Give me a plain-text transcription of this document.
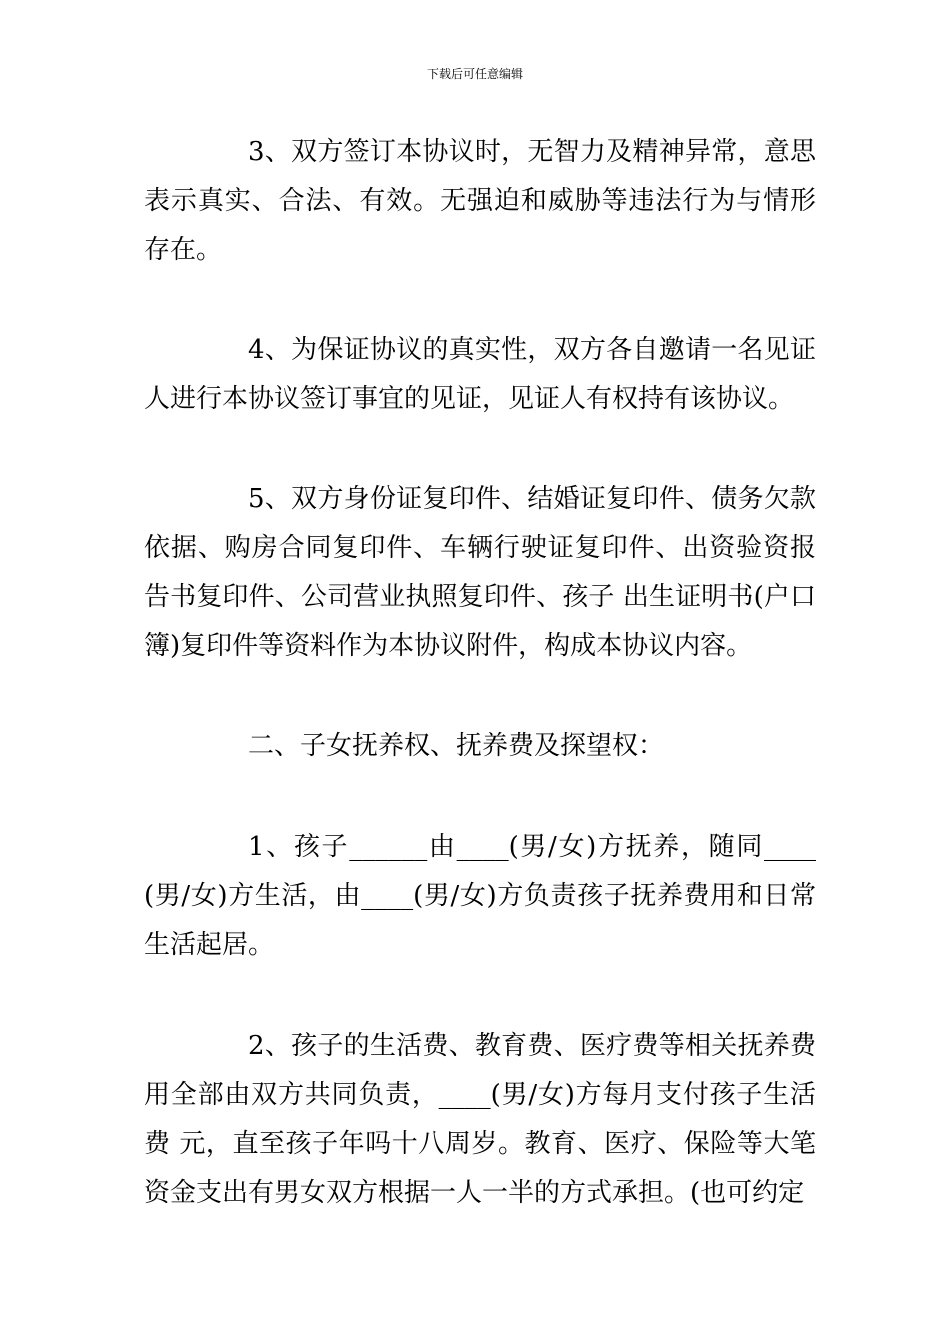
下载后可任意编辑

3、双方签订本协议时，无智力及精神异常，意思表示真实、合法、有效。无强迫和威胁等违法行为与情形存在。

4、为保证协议的真实性，双方各自邀请一名见证人进行本协议签订事宜的见证，见证人有权持有该协议。

5、双方身份证复印件、结婚证复印件、债务欠款依据、购房合同复印件、车辆行驶证复印件、出资验资报告书复印件、公司营业执照复印件、孩子 出生证明书(户口簿)复印件等资料作为本协议附件，构成本协议内容。

二、子女抚养权、抚养费及探望权：

1、孩子______由____(男/女)方抚养，随同____(男/女)方生活，由____(男/女)方负责孩子抚养费用和日常生活起居。

2、孩子的生活费、教育费、医疗费等相关抚养费用全部由双方共同负责，____(男/女)方每月支付孩子生活费 元，直至孩子年吗十八周岁。教育、医疗、保险等大笔资金支出有男女双方根据一人一半的方式承担。(也可约定
